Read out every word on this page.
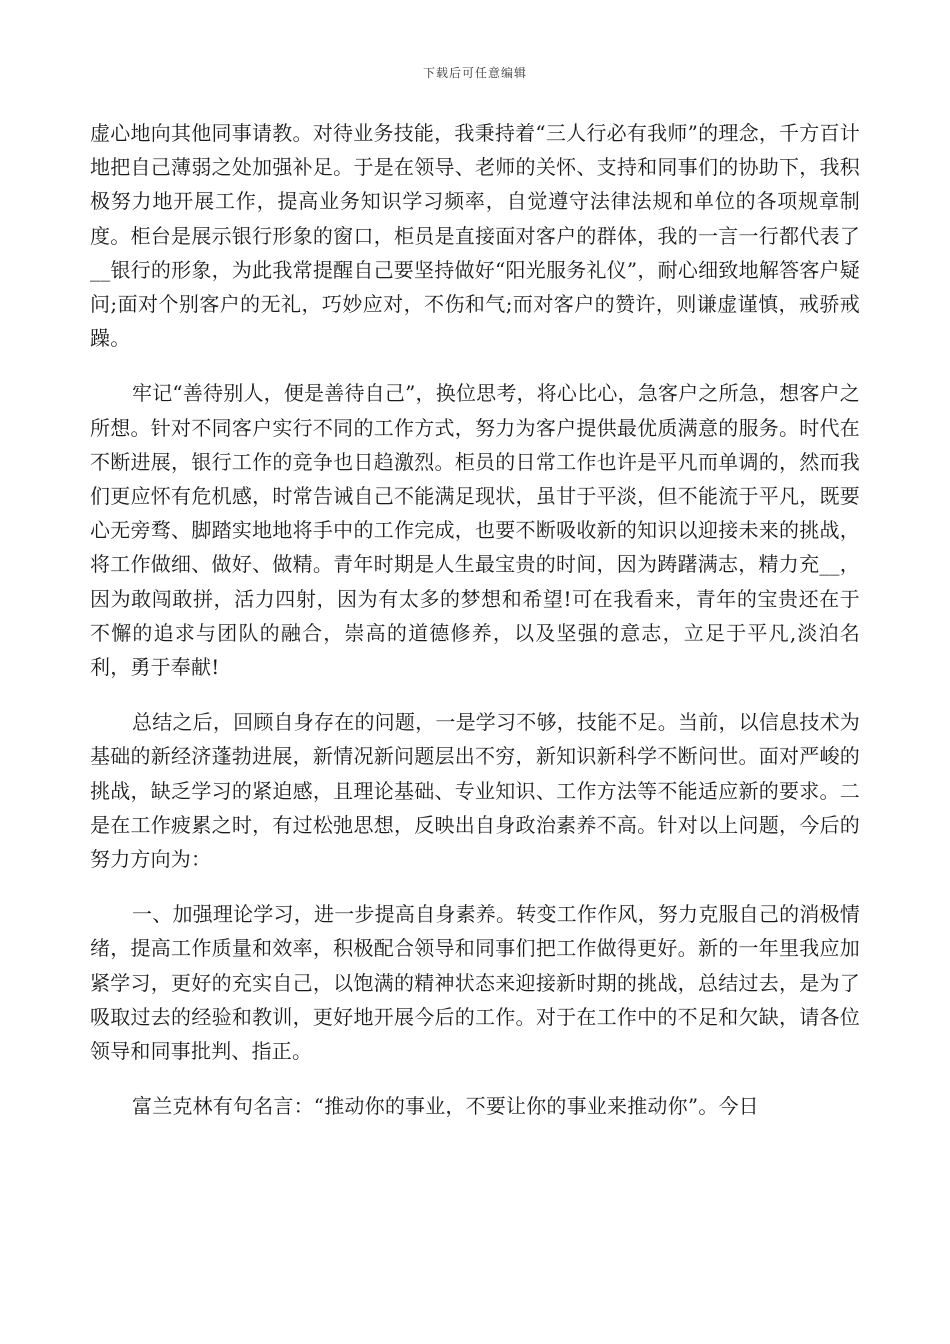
下载后可任意编辑

虚心地向其他同事请教。对待业务技能，我秉持着“三人行必有我师”的理念，千方百计地把自己薄弱之处加强补足。于是在领导、老师的关怀、支持和同事们的协助下，我积极努力地开展工作，提高业务知识学习频率，自觉遵守法律法规和单位的各项规章制度。柜台是展示银行形象的窗口，柜员是直接面对客户的群体，我的一言一行都代表了__银行的形象，为此我常提醒自己要坚持做好“阳光服务礼仪”，耐心细致地解答客户疑问;面对个别客户的无礼，巧妙应对，不伤和气;而对客户的赞许，则谦虚谨慎，戒骄戒躁。

牢记“善待别人，便是善待自己”，换位思考，将心比心，急客户之所急，想客户之所想。针对不同客户实行不同的工作方式，努力为客户提供最优质满意的服务。时代在不断进展，银行工作的竞争也日趋激烈。柜员的日常工作也许是平凡而单调的，然而我们更应怀有危机感，时常告诫自己不能满足现状，虽甘于平淡，但不能流于平凡，既要心无旁骛、脚踏实地地将手中的工作完成，也要不断吸收新的知识以迎接未来的挑战，将工作做细、做好、做精。青年时期是人生最宝贵的时间，因为踌躇满志，精力充__，因为敢闯敢拼，活力四射，因为有太多的梦想和希望!可在我看来，青年的宝贵还在于不懈的追求与团队的融合，崇高的道德修养，以及坚强的意志，立足于平凡,淡泊名利，勇于奉献!

总结之后，回顾自身存在的问题，一是学习不够，技能不足。当前，以信息技术为基础的新经济蓬勃进展，新情况新问题层出不穷，新知识新科学不断问世。面对严峻的挑战，缺乏学习的紧迫感，且理论基础、专业知识、工作方法等不能适应新的要求。二是在工作疲累之时，有过松弛思想，反映出自身政治素养不高。针对以上问题，今后的努力方向为：

一、加强理论学习，进一步提高自身素养。转变工作作风，努力克服自己的消极情绪，提高工作质量和效率，积极配合领导和同事们把工作做得更好。新的一年里我应加紧学习，更好的充实自己，以饱满的精神状态来迎接新时期的挑战，总结过去，是为了吸取过去的经验和教训，更好地开展今后的工作。对于在工作中的不足和欠缺，请各位领导和同事批判、指正。

富兰克林有句名言：“推动你的事业，不要让你的事业来推动你”。今日
